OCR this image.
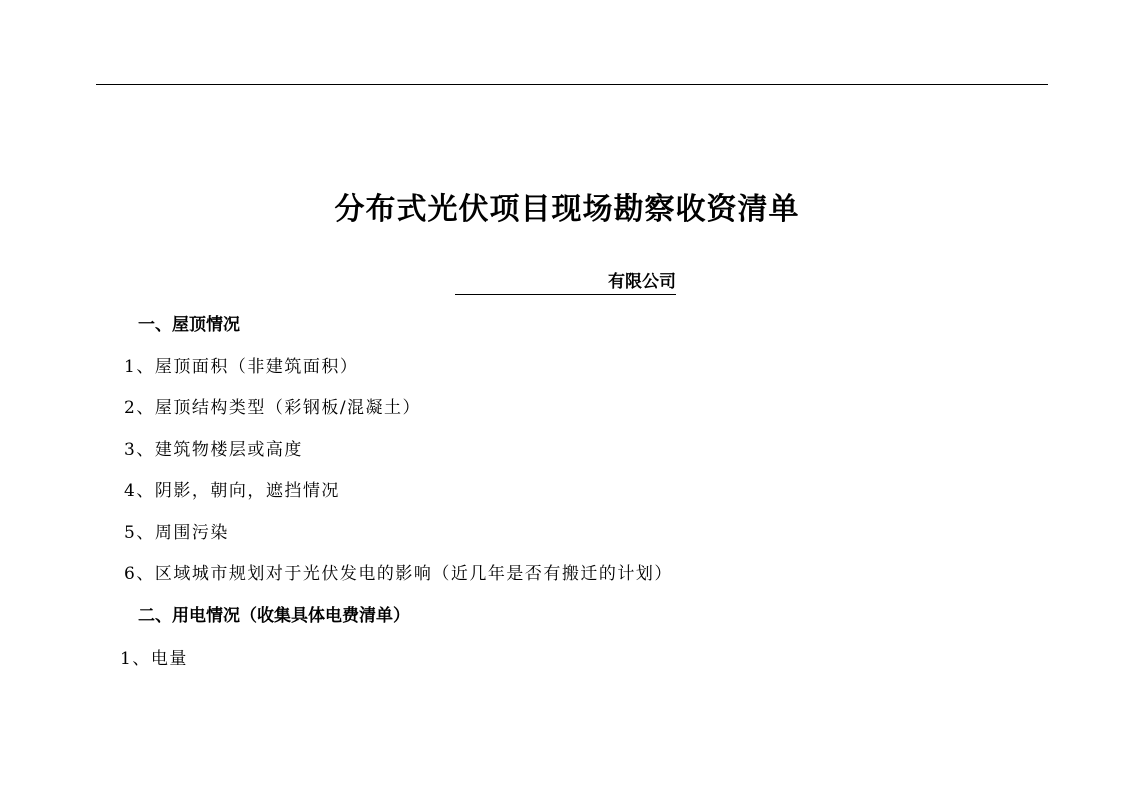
分布式光伏项目现场勘察收资清单
有限公司
一、屋顶情况
1、屋顶面积（非建筑面积）
2、屋顶结构类型（彩钢板/混凝土）
3、建筑物楼层或高度
4、阴影，朝向，遮挡情况
5、周围污染
6、区域城市规划对于光伏发电的影响（近几年是否有搬迁的计划）
二、用电情况（收集具体电费清单）
1、电量
